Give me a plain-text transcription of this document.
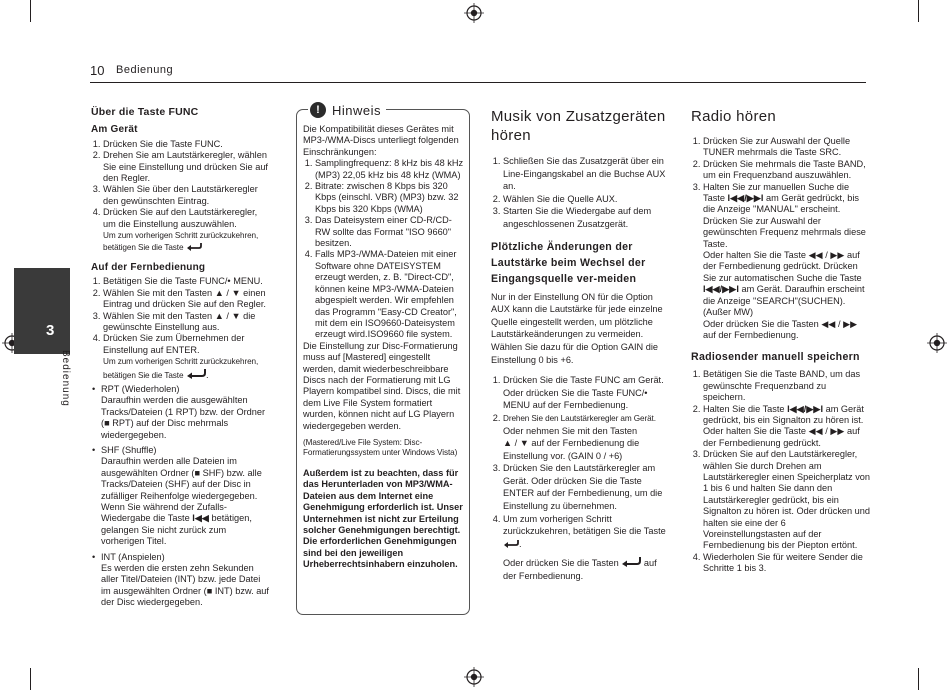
10 Bedienung
3
Bedienung
Über die Taste FUNC
Am Gerät
1. Drücken Sie die Taste FUNC.
2. Drehen Sie am Lautstärkeregler, wählen Sie eine Einstellung und drücken Sie auf den Regler.
3. Wählen Sie über den Lautstärkeregler den gewünschten Eintrag.
4. Drücken Sie auf den Lautstärkeregler, um die Einstellung auszuwählen.
Um zum vorherigen Schritt zurückzukehren, betätigen Sie die Taste
Auf der Fernbedienung
1. Betätigen Sie die Taste FUNC/• MENU.
2. Wählen Sie mit den Tasten ▲ / ▼ einen Eintrag und drücken Sie auf den Regler.
3. Wählen Sie mit den Tasten ▲ / ▼ die gewünschte Einstellung aus.
4. Drücken Sie zum Übernehmen der Einstellung auf ENTER.
Um zum vorherigen Schritt zurückzukehren, betätigen Sie die Taste .
• RPT (Wiederholen)
Daraufhin werden die ausgewählten Tracks/Dateien (1 RPT) bzw. der Ordner (■ RPT) auf der Disc mehrmals wiedergegeben.
• SHF (Shuffle)
Daraufhin werden alle Dateien im ausgewählten Ordner (■ SHF) bzw. alle Tracks/Dateien (SHF) auf der Disc in zufälliger Reihenfolge wiedergegeben. Wenn Sie während der Zufalls-Wiedergabe die Taste I◀◀ betätigen, gelangen Sie nicht zurück zum vorherigen Titel.
• INT (Anspielen)
Es werden die ersten zehn Sekunden aller Titel/Dateien (INT) bzw. jede Datei im ausgewählten Ordner (■ INT) bzw. auf der Disc wiedergegeben.
! Hinweis

Die Kompatibilität dieses Gerätes mit MP3-/WMA-Discs unterliegt folgenden Einschränkungen:

1. Samplingfrequenz: 8 kHz bis 48 kHz (MP3) 22,05 kHz bis 48 kHz (WMA)
2. Bitrate: zwischen 8 Kbps bis 320 Kbps (einschl. VBR) (MP3) bzw. 32 Kbps bis 320 Kbps (WMA)
3. Das Dateisystem einer CD-R/CD-RW sollte das Format "ISO 9660" besitzen.
4. Falls MP3-/WMA-Dateien mit einer Software ohne DATEISYSTEM erzeugt werden, z. B. "Direct-CD", können keine MP3-/WMA-Dateien abgespielt werden. Wir empfehlen das Programm "Easy-CD Creator", mit dem ein ISO9660-Dateisystem erzeugt wird.ISO9660 file system.

Die Einstellung zur Disc-Formatierung muss auf [Mastered] eingestellt werden, damit wiederbeschreibbare Discs nach der Formatierung mit LG Playern kompatibel sind. Discs, die mit dem Live File System formatiert wurden, können nicht auf LG Playern wiedergegeben werden.

(Mastered/Live File System: Disc-Formatierungssystem unter Windows Vista)

Außerdem ist zu beachten, dass für das Herunterladen von MP3/WMA-Dateien aus dem Internet eine Genehmigung erforderlich ist. Unser Unternehmen ist nicht zur Erteilung solcher Genehmigungen berechtigt. Die erforderlichen Genehmigungen sind bei den jeweiligen Urheberrechtsinhabern einzuholen.

Musik von Zusatzgeräten hören
1. Schließen Sie das Zusatzgerät über ein Line-Eingangskabel an die Buchse AUX an.
2. Wählen Sie die Quelle AUX.
3. Starten Sie die Wiedergabe auf dem angeschlossenen Zusatzgerät.
Plötzliche Änderungen der Lautstärke beim Wechsel der Eingangsquelle ver-meiden

Nur in der Einstellung ON für die Option AUX kann die Lautstärke für jede einzelne Quelle eingestellt werden, um plötzliche Lautstärkeänderungen zu vermeiden. Wählen Sie dazu für die Option GAIN die Einstellung 0 bis +6.

1. Drücken Sie die Taste FUNC am Gerät. Oder drücken Sie die Taste FUNC/• MENU auf der Fernbedienung.
2. Drehen Sie den Lautstärkeregler am Gerät.
Oder nehmen Sie mit den Tasten
▲ / ▼ auf der Fernbedienung die Einstellung vor. (GAIN 0 / +6)
3. Drücken Sie den Lautstärkeregler am Gerät. Oder drücken Sie die Taste ENTER auf der Fernbedienung, um die Einstellung zu übernehmen.
4. Um zum vorherigen Schritt zurückzukehren, betätigen Sie die Taste .
Oder drücken Sie die Tasten	auf der Fernbedienung.
Radio hören
1. Drücken Sie zur Auswahl der Quelle TUNER mehrmals die Taste SRC.
2. Drücken Sie mehrmals die Taste BAND, um ein Frequenzband auszuwählen.
3. Halten Sie zur manuellen Suche die Taste I◀◀/▶▶I am Gerät gedrückt, bis die Anzeige "MANUAL" erscheint. Drücken Sie zur Auswahl der gewünschten Frequenz mehrmals diese Taste.
Oder halten Sie die Taste ◀◀ / ▶▶ auf der Fernbedienung gedrückt. Drücken Sie zur automatischen Suche die Taste I◀◀/▶▶I am Gerät. Daraufhin erscheint die Anzeige "SEARCH"(SUCHEN).
(Außer MW)
Oder drücken Sie die Tasten ◀◀ / ▶▶ auf der Fernbedienung.
Radiosender manuell speichern
1. Betätigen Sie die Taste BAND, um das gewünschte Frequenzband zu speichern.
2. Halten Sie die Taste I◀◀/▶▶I am Gerät gedrückt, bis ein Signalton zu hören ist.
Oder halten Sie die Taste ◀◀ / ▶▶ auf der Fernbedienung gedrückt.
3. Drücken Sie auf den Lautstärkeregler, wählen Sie durch Drehen am Lautstärkeregler einen Speicherplatz von 1 bis 6 und halten Sie dann den Lautstärkeregler gedrückt, bis ein Signalton zu hören ist. Oder drücken und halten sie eine der 6 Voreinstellungstasten auf der Fernbedienung bis der Piepton ertönt.
4. Wiederholen Sie für weitere Sender die Schritte 1 bis 3.
